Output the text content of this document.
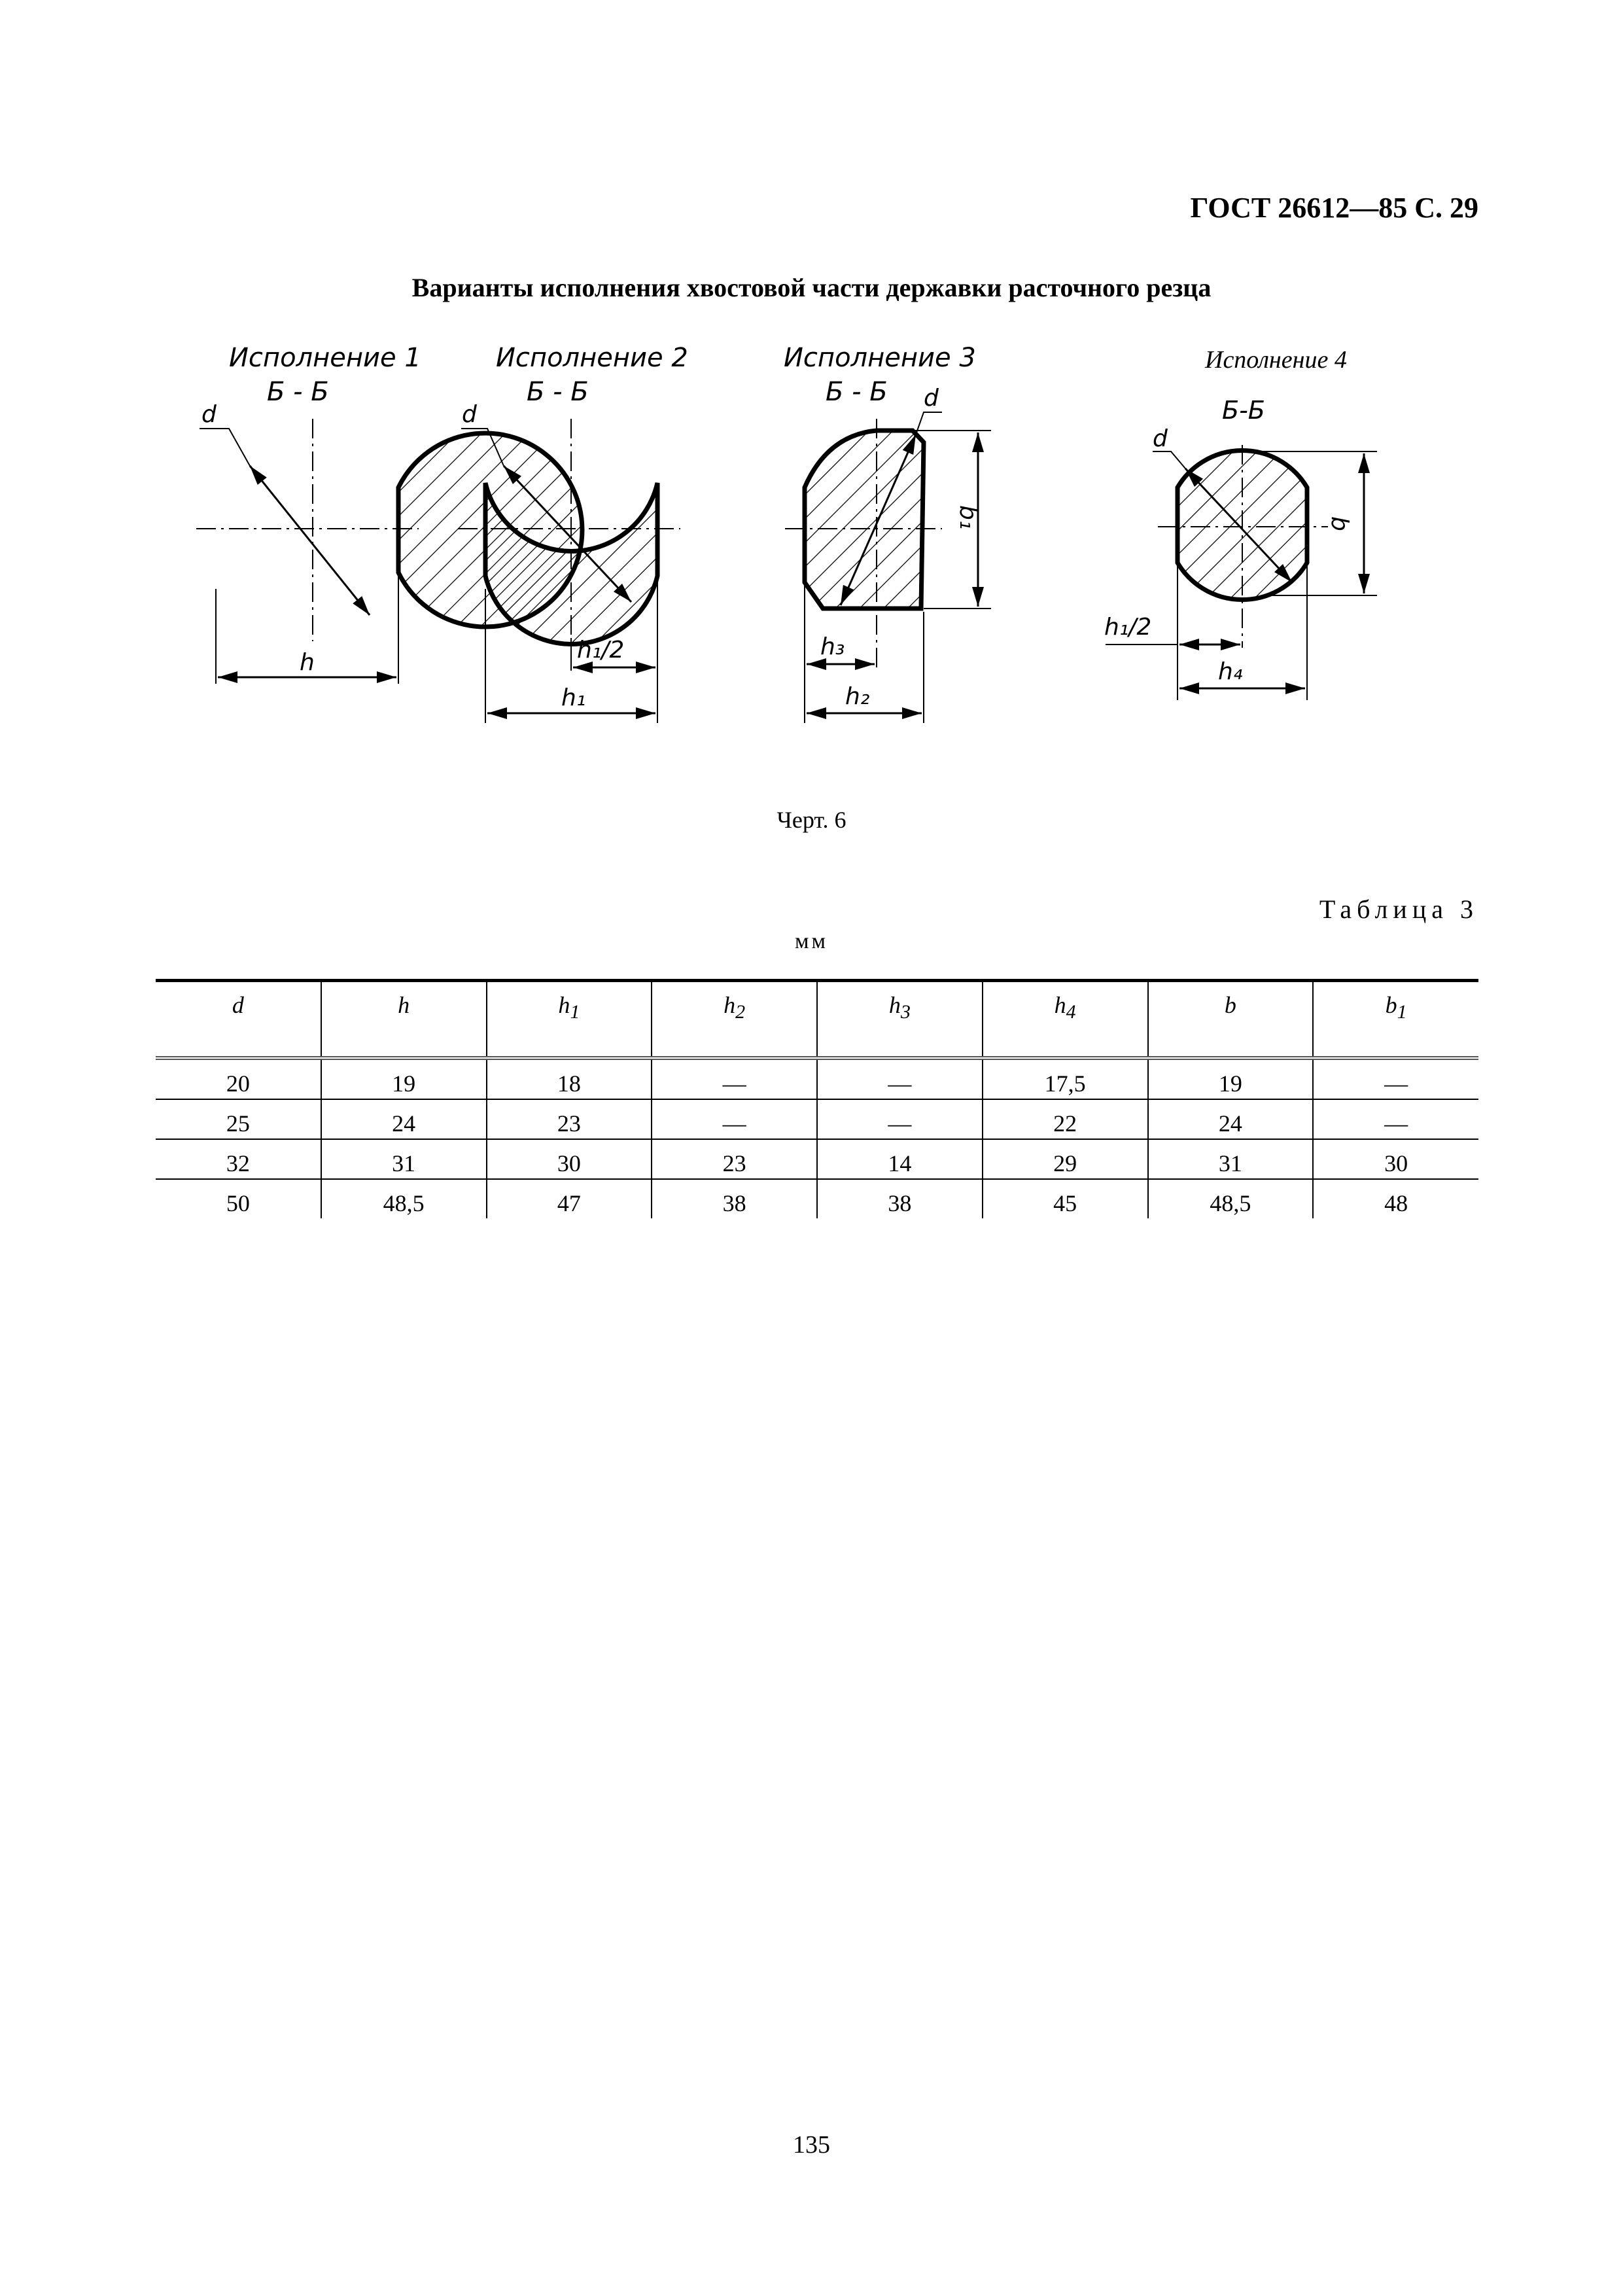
ГОСТ 26612—85 С. 29
Варианты исполнения хвостовой части державки расточного резца
Исполнение 1
Б - Б
d
h
Исполнение 2
Б - Б
d
h₁/2
h₁
Исполнение 3
Б - Б d
b₁
h₃
h₂
Исполнение 4
Б-Б
d
b
h₁/2
h₄
Черт. 6
Таблица 3
мм
d	h	$h_1$	$h_2$	$h_3$	$h_4$	b	$b_1$
20	19	18	—	—	17,5	19	—
25	24	23	—	—	22	24	—
32	31	30	23	14	29	31	30
50	48,5	47	38	38	45	48,5	48
135
